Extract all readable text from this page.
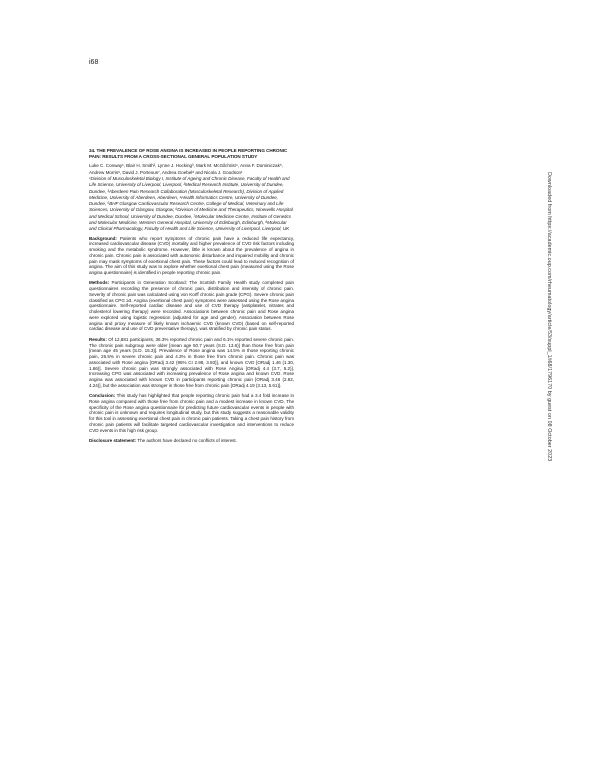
i68
34. THE PREVALENCE OF ROSE ANGINA IS INCREASED IN PEOPLE REPORTING CHRONIC PAIN: RESULTS FROM A CROSS-SECTIONAL GENERAL POPULATION STUDY
Luke C. Conway¹, Blair H. Smith², Lynne J. Hocking³, Mark M. McGilchrist⁴, Anna F. Dominiczak⁵, Andrew Morris⁶, David J. Porteous⁷, Andrea Goebel⁸ and Nicola J. Goodson¹
¹Division of Musculoskeletal Biology I, Institute of Ageing and Chronic Disease, Faculty of Health and Life Science, University of Liverpool, Liverpool, ²Medical Research Institute, University of Dundee, Dundee, ³Aberdeen Pain Research Collaboration (Musculoskeletal Research), Division of Applied Medicine, University of Aberdeen, Aberdeen, ⁴Health Informatics Centre, University of Dundee, Dundee, ⁵BHF Glasgow Cardiovascular Research Centre, College of Medical, Veterinary and Life Sciences, University of Glasgow, Glasgow, ⁶Division of Medicine and Therapeutics, Ninewells Hospital and Medical School, University of Dundee, Dundee, ⁷Molecular Medicine Centre, Institute of Genetics and Molecular Medicine, Western General Hospital, University of Edinburgh, Edinburgh, ⁸Molecular and Clinical Pharmacology, Faculty of Health and Life Science, University of Liverpool, Liverpool, UK

Background: Patients who report symptoms of chronic pain have a reduced life expectancy, increased cardiovascular disease (CVD) mortality and higher prevalence of CVD risk factors including smoking and the metabolic syndrome. However, little is known about the prevalence of angina in chronic pain. Chronic pain is associated with autonomic disturbance and impaired mobility and chronic pain may mask symptoms of exertional chest pain. These factors could lead to reduced recognition of angina. The aim of this study was to explore whether exertional chest pain (measured using the Rose angina questionnaire) is identified in people reporting chronic pain.

Methods: Participants in Generation Scotland: The Scottish Family Health study completed pain questionnaires recording the presence of chronic pain, distribution and intensity of chronic pain. Severity of chronic pain was calculated using von Korff chronic pain grade (CPG). Severe chronic pain classified as CPG ≥3. Angina (exertional chest pain) symptoms were assessed using the Rose angina questionnaire. Self-reported cardiac disease and use of CVD therapy (antiplatelet, nitrates and cholesterol lowering therapy) were recorded. Associations between chronic pain and Rose angina were explored using logistic regression (adjusted for age and gender). Association between Rose angina and proxy measure of likely known ischaemic CVD (known CVD) (based on self-reported cardiac disease and use of CVD preventative therapy), was stratified by chronic pain status.

Results: Of 12,881 participants, 36.3% reported chronic pain and 6.1% reported severe chronic pain. The chronic pain subgroup were older [mean age 50.7 years (S.D. 13.6)] than those free from pain [mean age 45 years (S.D. 15.3)]. Prevalence of Rose angina was 14.5% in those reporting chronic pain, 26.5% in severe chronic pain and 4.3% in those free from chronic pain. Chronic pain was associated with Rose angina [ORadj 3.42 (95% CI 2.98, 3.93)], and known CVD [ORadj 1.46 (1.30, 1.66)]. Severe chronic pain was strongly associated with Rose Angina [ORadj 4.4 (3.7, 5.2)]. Increasing CPG was associated with increasing prevalence of Rose angina and known CVD. Rose angina was associated with known CVD in participants reporting chronic pain [ORadj 3.46 (2.82, 4.24)], but the association was stronger in those free from chronic pain [ORadj 4.19 (3.13, 5.61)].

Conclusion: This study has highlighted that people reporting chronic pain had a 3.4 fold increase in Rose angina compared with those free from chronic pain and a modest increase in known CVD. The specificity of the Rose angina questionnaire for predicting future cardiovascular events in people with chronic pain is unknown and requires longitudinal study, but this study suggests a reasonable validity for this tool in assessing exertional chest pain in chronic pain patients. Taking a chest pain history from chronic pain patients will facilitate targeted cardiovascular investigation and interventions to reduce CVD events in this high risk group.

Disclosure statement: The authors have declared no conflicts of interest.	Downloaded from https://academic.oup.com/rheumatology/article/53/suppl_1/i68/1796170 by guest on 08 October 2023
